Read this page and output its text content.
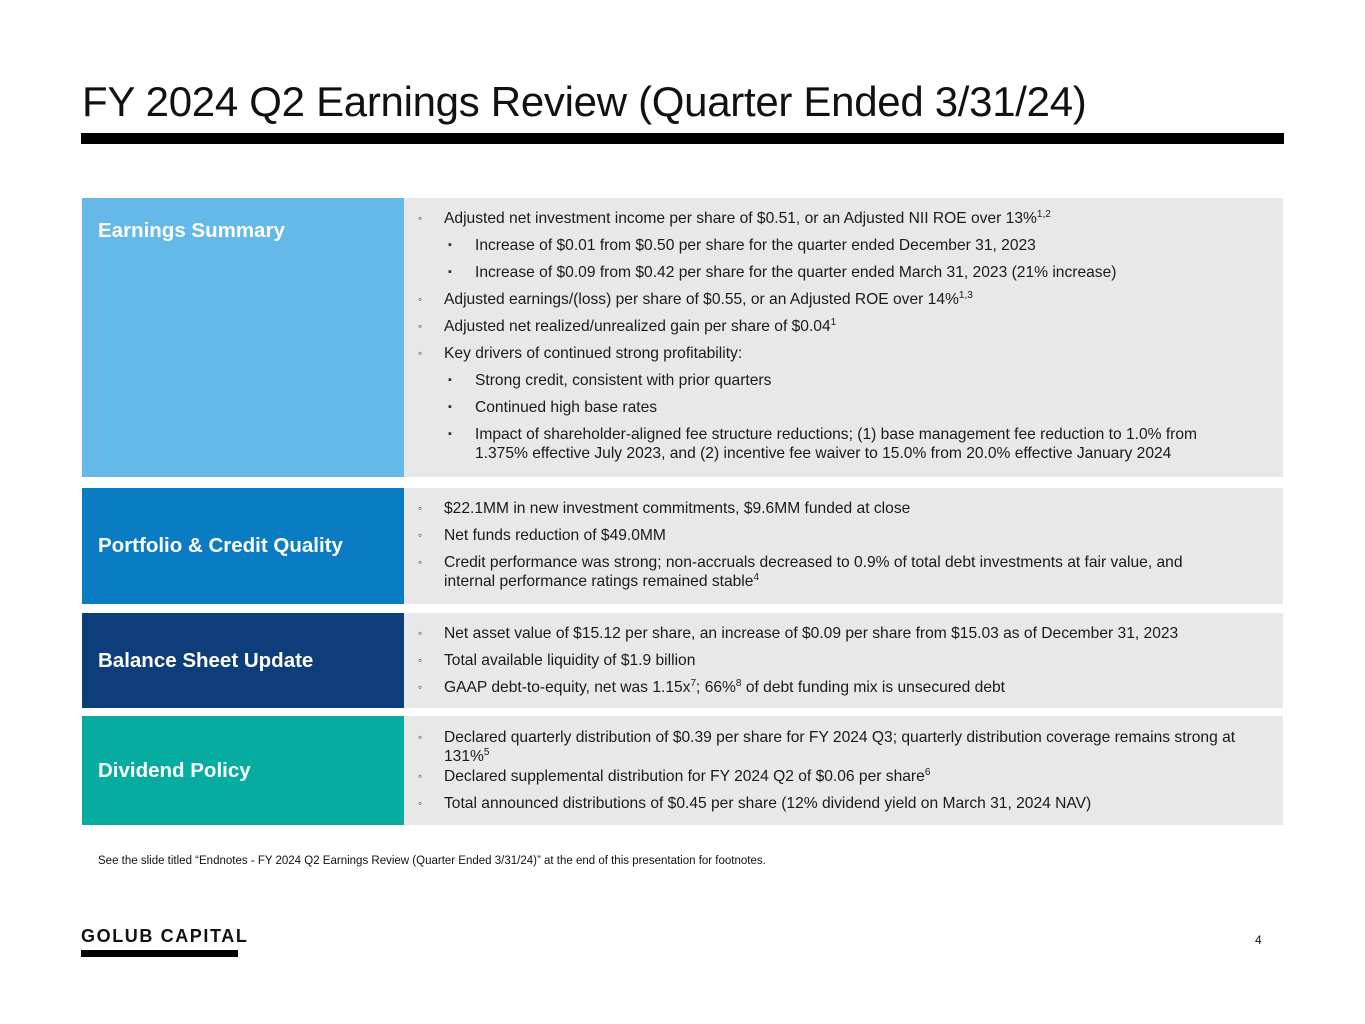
FY 2024 Q2 Earnings Review (Quarter Ended 3/31/24)
Earnings Summary
◦ Adjusted net investment income per share of $0.51, or an Adjusted NII ROE over 13%$^{1,2}$
▪ Increase of $0.01 from $0.50 per share for the quarter ended December 31, 2023
▪ Increase of $0.09 from $0.42 per share for the quarter ended March 31, 2023 (21% increase)
◦ Adjusted earnings/(loss) per share of $0.55, or an Adjusted ROE over 14%$^{1,3}$
◦ Adjusted net realized/unrealized gain per share of $0.04$^1$
◦ Key drivers of continued strong profitability:
▪ Strong credit, consistent with prior quarters
▪ Continued high base rates
▪ Impact of shareholder-aligned fee structure reductions; (1) base management fee reduction to 1.0% from 1.375% effective July 2023, and (2) incentive fee waiver to 15.0% from 20.0% effective January 2024
Portfolio & Credit Quality
◦ $22.1MM in new investment commitments, $9.6MM funded at close
◦ Net funds reduction of $49.0MM
◦ Credit performance was strong; non-accruals decreased to 0.9% of total debt investments at fair value, and internal performance ratings remained stable$^4$
Balance Sheet Update
◦ Net asset value of $15.12 per share, an increase of $0.09 per share from $15.03 as of December 31, 2023
◦ Total available liquidity of $1.9 billion
◦ GAAP debt-to-equity, net was $1.15x^7$; 66%$^8$ of debt funding mix is unsecured debt
Dividend Policy
◦ Declared quarterly distribution of $0.39 per share for FY 2024 Q3; quarterly distribution coverage remains strong at 131%$^5$
◦ Declared supplemental distribution for FY 2024 Q2 of $0.06 per share$^6$
◦ Total announced distributions of $0.45 per share (12% dividend yield on March 31, 2024 NAV)
See the slide titled “Endnotes - FY 2024 Q2 Earnings Review (Quarter Ended 3/31/24)” at the end of this presentation for footnotes.
GOLUB CAPITAL	4
